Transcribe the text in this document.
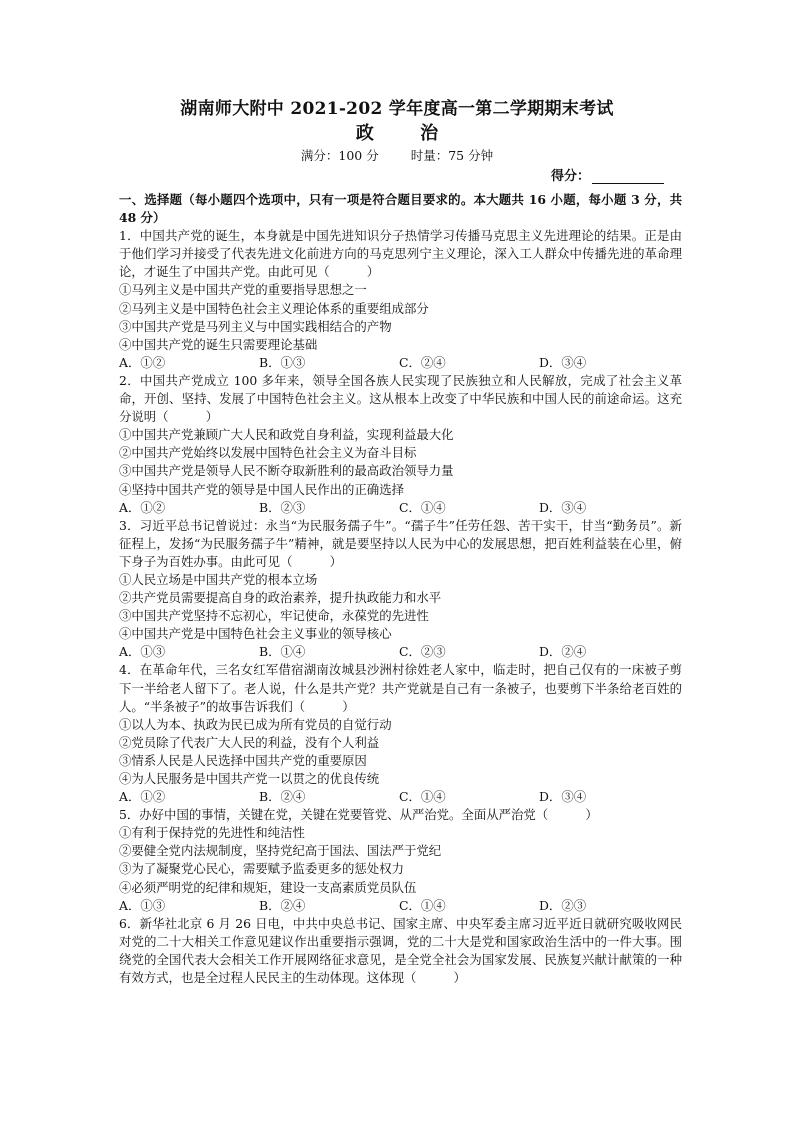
湖南师大附中 2021-202 学年度高一第二学期期末考试
政 治
满分：100 分	时量：75 分钟
得分：
一、选择题（每小题四个选项中，只有一项是符合题目要求的。本大题共 16 小题，每小题 3 分，共 48 分）
1．中国共产党的诞生，本身就是中国先进知识分子热情学习传播马克思主义先进理论的结果。正是由于他们学习并接受了代表先进文化前进方向的马克思列宁主义理论，深入工人群众中传播先进的革命理论，才诞生了中国共产党。由此可见（　　　）
①马列主义是中国共产党的重要指导思想之一
②马列主义是中国特色社会主义理论体系的重要组成部分
③中国共产党是马列主义与中国实践相结合的产物
④中国共产党的诞生只需要理论基础
A．①②	B．①③	C．②④	D．③④
2．中国共产党成立 100 多年来，领导全国各族人民实现了民族独立和人民解放，完成了社会主义革命，开创、坚持、发展了中国特色社会主义。这从根本上改变了中华民族和中国人民的前途命运。这充分说明（　　　）
①中国共产党兼顾广大人民和政党自身利益，实现利益最大化
②中国共产党始终以发展中国特色社会主义为奋斗目标
③中国共产党是领导人民不断夺取新胜利的最高政治领导力量
④坚持中国共产党的领导是中国人民作出的正确选择
A．①②	B．②③	C．①④	D．③④
3．习近平总书记曾说过：永当“为民服务孺子牛”。“孺子牛”任劳任怨、苦干实干，甘当“勤务员”。新征程上，发扬“为民服务孺子牛”精神，就是要坚持以人民为中心的发展思想，把百姓利益装在心里，俯下身子为百姓办事。由此可见（　　　）
①人民立场是中国共产党的根本立场
②共产党员需要提高自身的政治素养，提升执政能力和水平
③中国共产党坚持不忘初心，牢记使命，永葆党的先进性
④中国共产党是中国特色社会主义事业的领导核心
A．①③	B．①④	C．②③	D．②④
4．在革命年代，三名女红军借宿湖南汝城县沙洲村徐姓老人家中，临走时，把自己仅有的一床被子剪下一半给老人留下了。老人说，什么是共产党？共产党就是自己有一条被子，也要剪下半条给老百姓的人。“半条被子”的故事告诉我们（　　　）
①以人为本、执政为民已成为所有党员的自觉行动
②党员除了代表广大人民的利益，没有个人利益
③情系人民是人民选择中国共产党的重要原因
④为人民服务是中国共产党一以贯之的优良传统
A．①②	B．②④	C．①④	D．③④
5．办好中国的事情，关键在党，关键在党要管党、从严治党。全面从严治党（　　　）
①有利于保持党的先进性和纯洁性
②要健全党内法规制度，坚持党纪高于国法、国法严于党纪
③为了凝聚党心民心，需要赋予监委更多的惩处权力
④必须严明党的纪律和规矩，建设一支高素质党员队伍
A．①③	B．②④	C．①④	D．②③
6．新华社北京 6 月 26 日电，中共中央总书记、国家主席、中央军委主席习近平近日就研究吸收网民对党的二十大相关工作意见建议作出重要指示强调，党的二十大是党和国家政治生活中的一件大事。围绕党的全国代表大会相关工作开展网络征求意见，是全党全社会为国家发展、民族复兴献计献策的一种有效方式，也是全过程人民民主的生动体现。这体现（　　　）
